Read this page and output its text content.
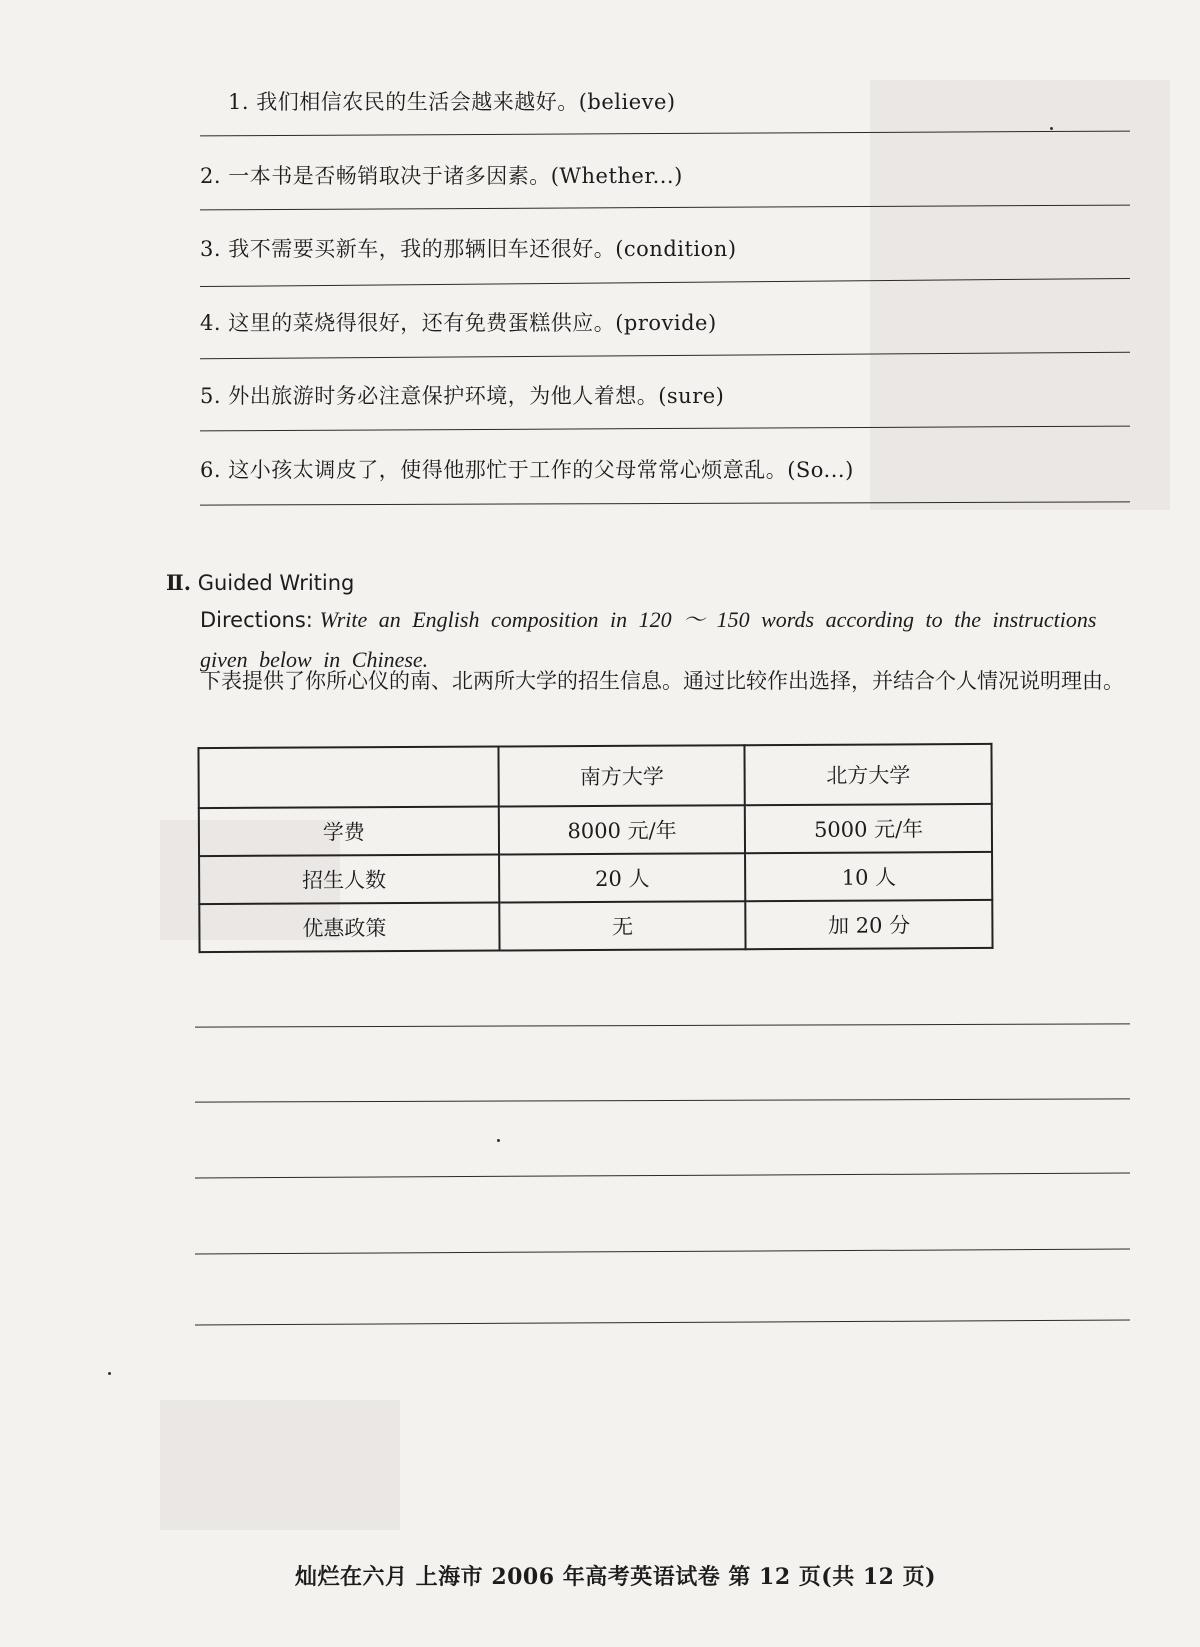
1. 我们相信农民的生活会越来越好。(believe)
2. 一本书是否畅销取决于诸多因素。(Whether...)
3. 我不需要买新车，我的那辆旧车还很好。(condition)
4. 这里的菜烧得很好，还有免费蛋糕供应。(provide)
5. 外出旅游时务必注意保护环境，为他人着想。(sure)
6. 这小孩太调皮了，使得他那忙于工作的父母常常心烦意乱。(So...)
Ⅱ. Guided Writing
Directions: Write an English composition in 120 ～ 150 words according to the instructions given below in Chinese.
下表提供了你所心仪的南、北两所大学的招生信息。通过比较作出选择，并结合个人情况说明理由。
	南方大学	北方大学
学费	8000 元/年	5000 元/年
招生人数	20 人	10 人
优惠政策	无	加 20 分
灿烂在六月 上海市 2006 年高考英语试卷 第 12 页(共 12 页)
